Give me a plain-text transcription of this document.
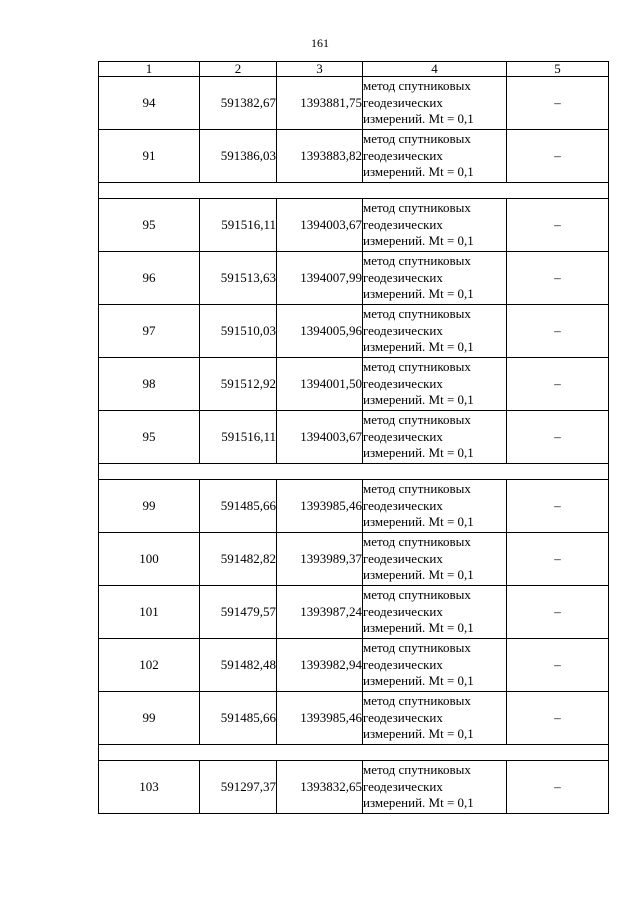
161
1	2	3	4	5
94	591382,67	1393881,75	метод спутниковых
геодезических
измерений. Mt = 0,1	–
91	591386,03	1393883,82	метод спутниковых
геодезических
измерений. Mt = 0,1	–

95	591516,11	1394003,67	метод спутниковых
геодезических
измерений. Mt = 0,1	–
96	591513,63	1394007,99	метод спутниковых
геодезических
измерений. Mt = 0,1	–
97	591510,03	1394005,96	метод спутниковых
геодезических
измерений. Mt = 0,1	–
98	591512,92	1394001,50	метод спутниковых
геодезических
измерений. Mt = 0,1	–
95	591516,11	1394003,67	метод спутниковых
геодезических
измерений. Mt = 0,1	–

99	591485,66	1393985,46	метод спутниковых
геодезических
измерений. Mt = 0,1	–
100	591482,82	1393989,37	метод спутниковых
геодезических
измерений. Mt = 0,1	–
101	591479,57	1393987,24	метод спутниковых
геодезических
измерений. Mt = 0,1	–
102	591482,48	1393982,94	метод спутниковых
геодезических
измерений. Mt = 0,1	–
99	591485,66	1393985,46	метод спутниковых
геодезических
измерений. Mt = 0,1	–

103	591297,37	1393832,65	метод спутниковых
геодезических
измерений. Mt = 0,1	–
